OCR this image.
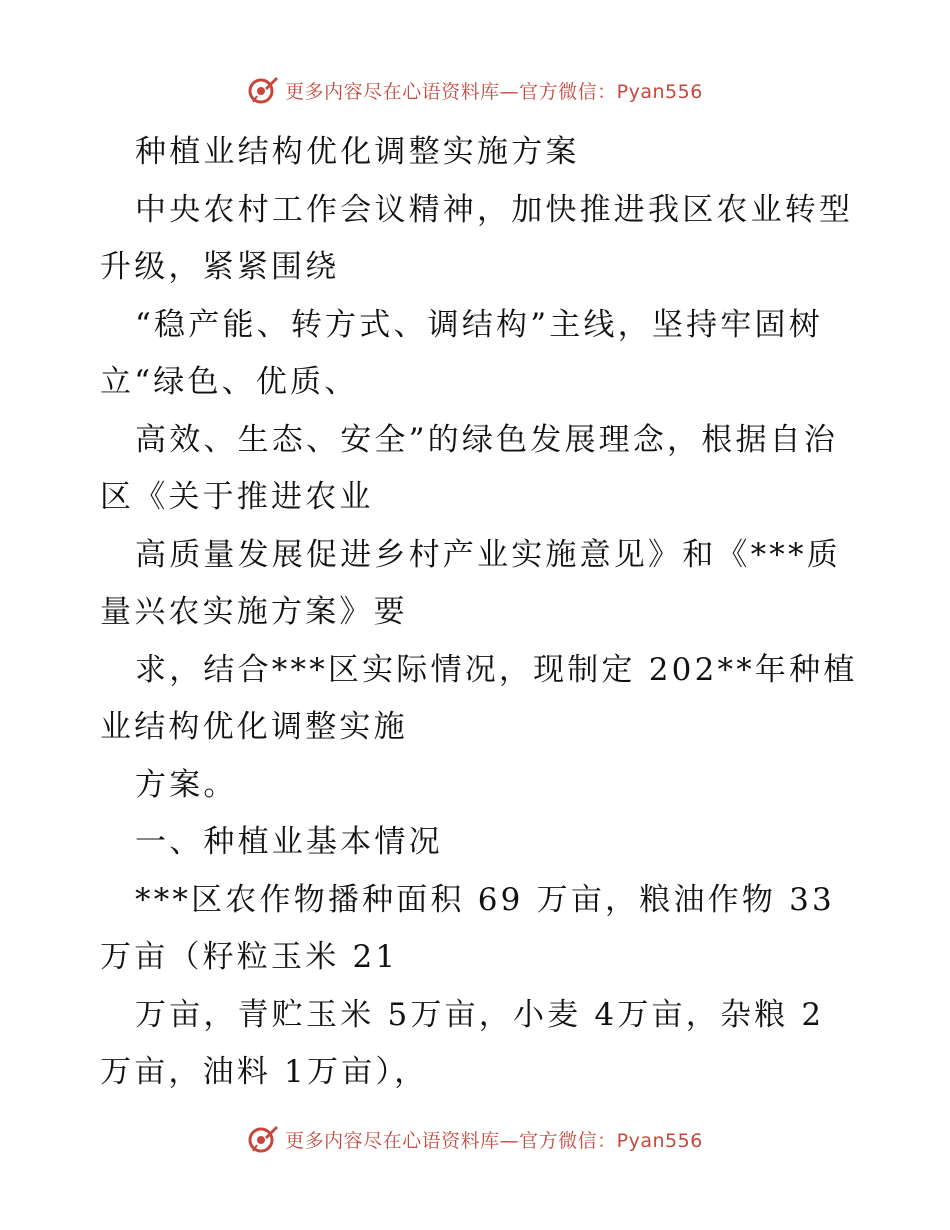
更多内容尽在心语资料库—官方微信：Pyan556
种植业结构优化调整实施方案
中央农村工作会议精神，加快推进我区农业转型
升级，紧紧围绕
“稳产能、转方式、调结构”主线，坚持牢固树
立“绿色、优质、
高效、生态、安全”的绿色发展理念，根据自治
区《关于推进农业
高质量发展促进乡村产业实施意见》和《***质
量兴农实施方案》要
求，结合***区实际情况，现制定 202**年种植
业结构优化调整实施
方案。
一、种植业基本情况
***区农作物播种面积 69 万亩，粮油作物 33
万亩（籽粒玉米 21
万亩，青贮玉米 5万亩，小麦 4万亩，杂粮 2
万亩，油料 1万亩），
更多内容尽在心语资料库—官方微信：Pyan556
